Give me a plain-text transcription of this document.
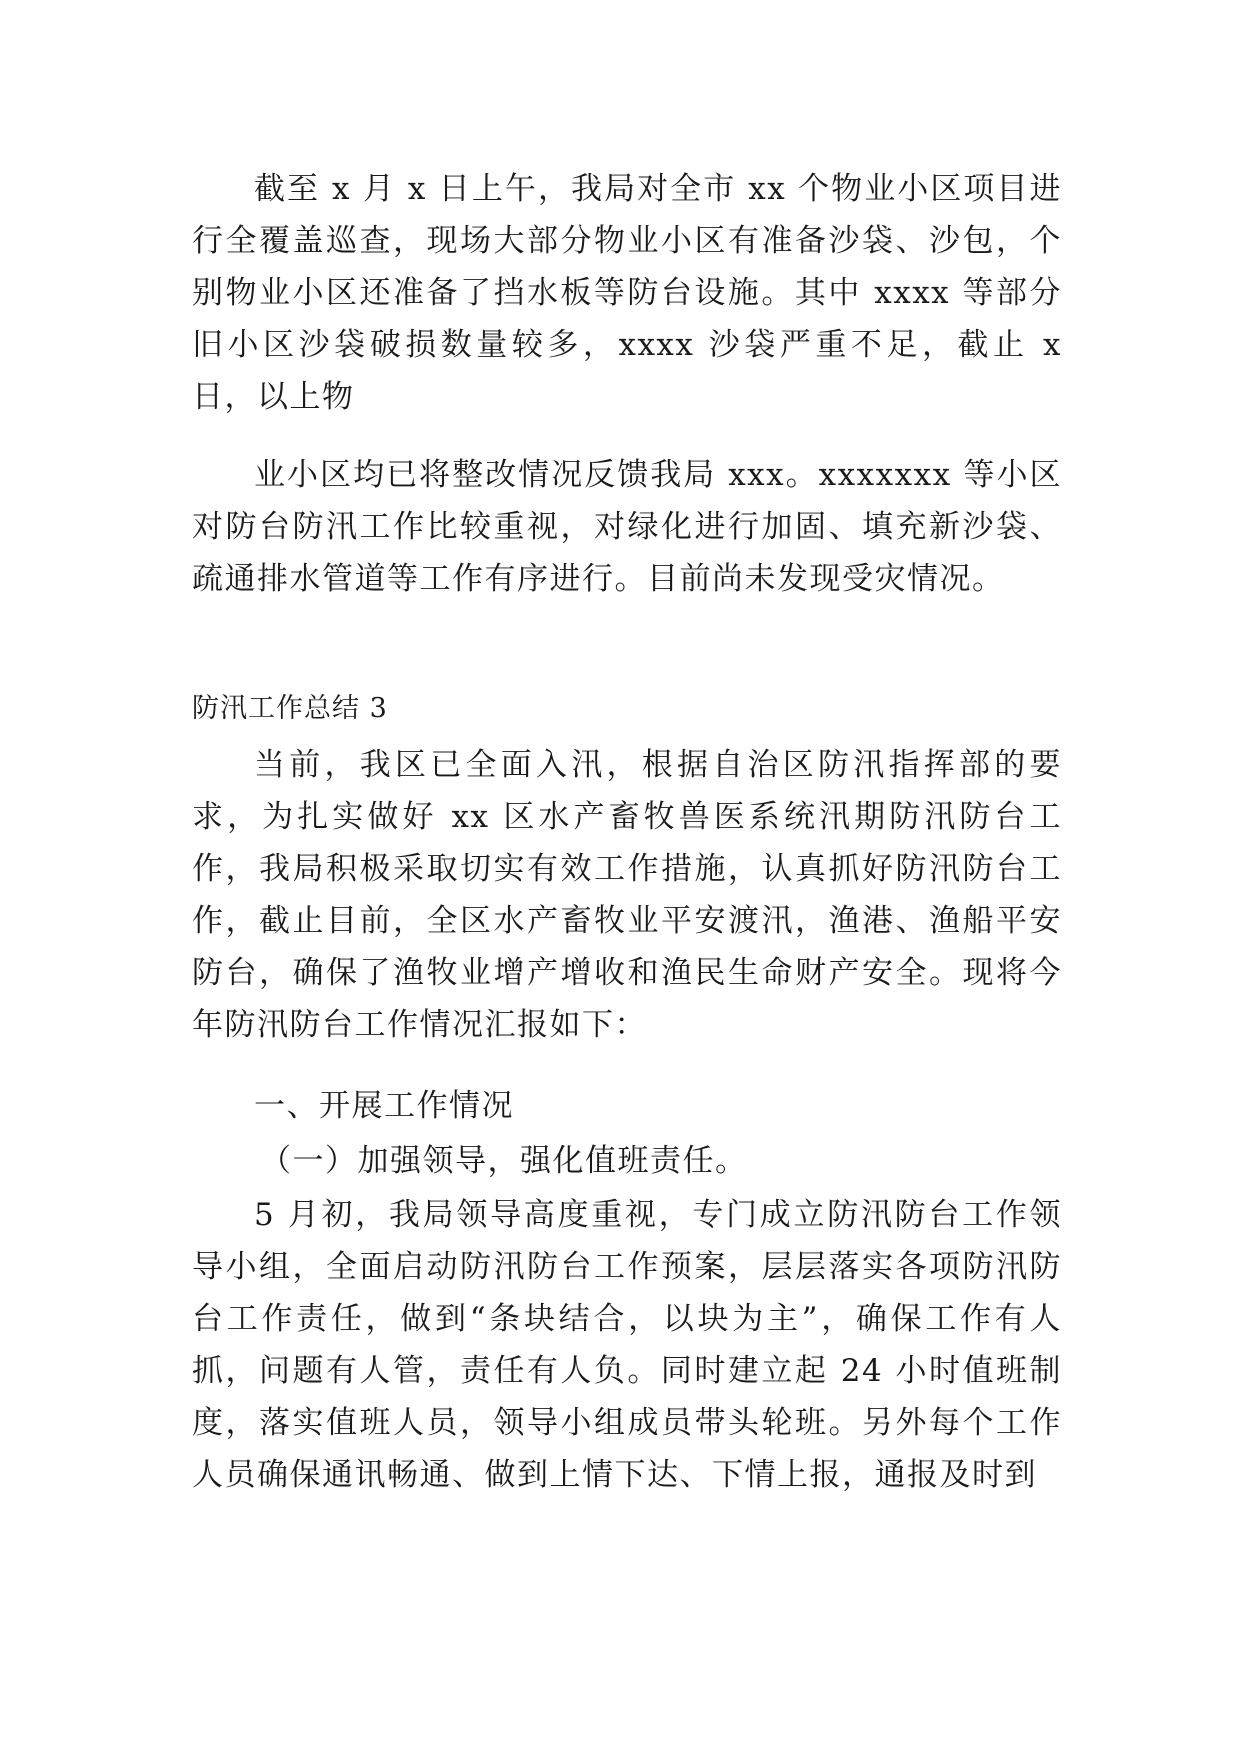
截至 x 月 x 日上午，我局对全市 xx 个物业小区项目进行全覆盖巡查，现场大部分物业小区有准备沙袋、沙包，个别物业小区还准备了挡水板等防台设施。其中 xxxx 等部分旧小区沙袋破损数量较多，xxxx 沙袋严重不足，截止 x 日，以上物
业小区均已将整改情况反馈我局 xxx。xxxxxxx 等小区对防台防汛工作比较重视，对绿化进行加固、填充新沙袋、疏通排水管道等工作有序进行。目前尚未发现受灾情况。
防汛工作总结 3
当前，我区已全面入汛，根据自治区防汛指挥部的要求，为扎实做好 xx 区水产畜牧兽医系统汛期防汛防台工作，我局积极采取切实有效工作措施，认真抓好防汛防台工作，截止目前，全区水产畜牧业平安渡汛，渔港、渔船平安防台，确保了渔牧业增产增收和渔民生命财产安全。现将今年防汛防台工作情况汇报如下：
一、开展工作情况
（一）加强领导，强化值班责任。
5 月初，我局领导高度重视，专门成立防汛防台工作领导小组，全面启动防汛防台工作预案，层层落实各项防汛防台工作责任，做到“条块结合，以块为主”，确保工作有人抓，问题有人管，责任有人负。同时建立起 24 小时值班制度，落实值班人员，领导小组成员带头轮班。另外每个工作人员确保通讯畅通、做到上情下达、下情上报，通报及时到
